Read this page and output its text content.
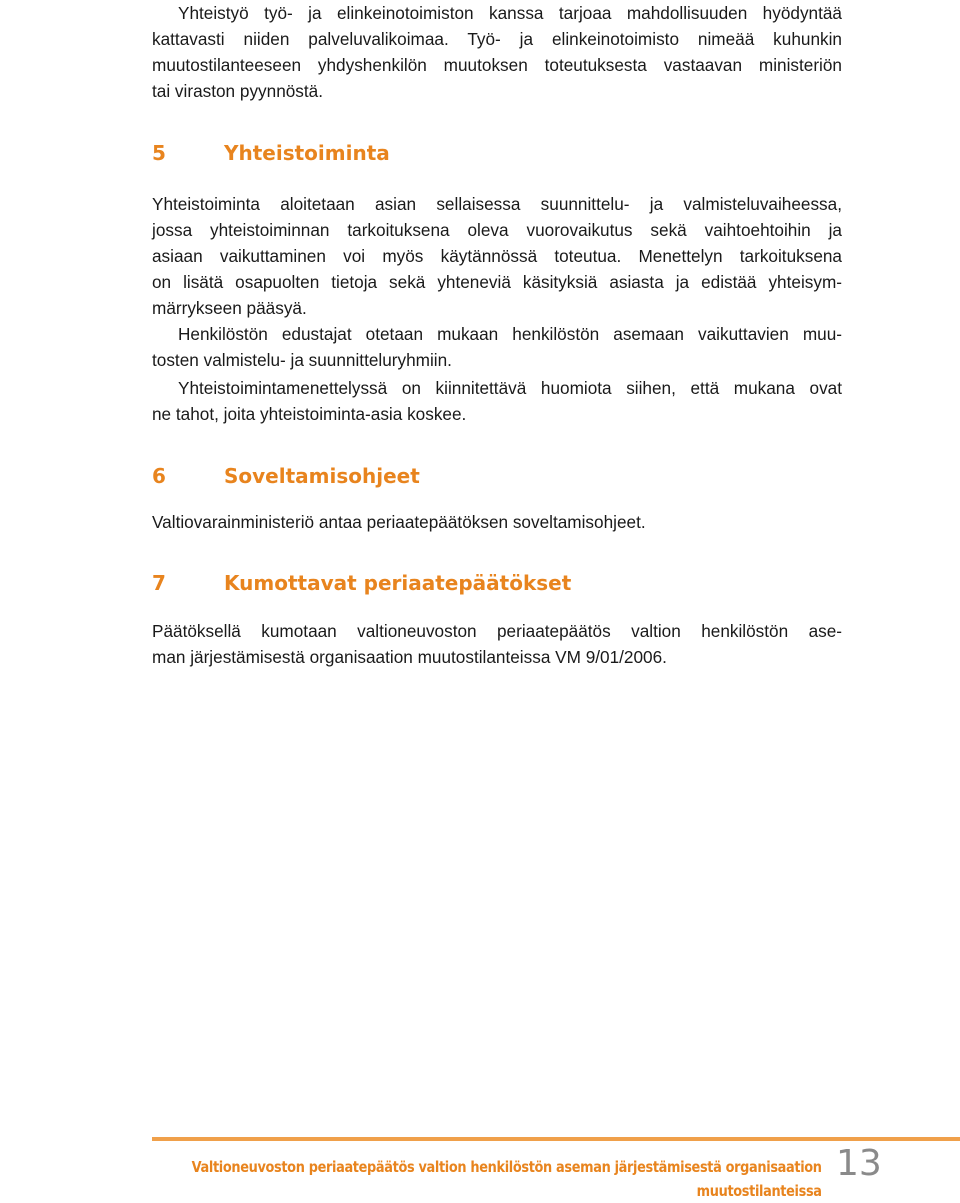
Yhteistyö työ- ja elinkeinotoimiston kanssa tarjoaa mahdollisuuden hyödyntää
kattavasti niiden palveluvalikoimaa. Työ- ja elinkeinotoimisto nimeää kuhunkin
muutostilanteeseen yhdyshenkilön muutoksen toteutuksesta vastaavan ministeriön
tai viraston pyynnöstä.

5	Yhteistoiminta

Yhteistoiminta aloitetaan asian sellaisessa suunnittelu- ja valmisteluvaiheessa,
jossa yhteistoiminnan tarkoituksena oleva vuorovaikutus sekä vaihtoehtoihin ja
asiaan vaikuttaminen voi myös käytännössä toteutua. Menettelyn tarkoituksena
on lisätä osapuolten tietoja sekä yhteneviä käsityksiä asiasta ja edistää yhteisym-
märrykseen pääsyä.

Henkilöstön edustajat otetaan mukaan henkilöstön asemaan vaikuttavien muu-
tosten valmistelu- ja suunnitteluryhmiin.

Yhteistoimintamenettelyssä on kiinnitettävä huomiota siihen, että mukana ovat
ne tahot, joita yhteistoiminta-asia koskee.

6	Soveltamisohjeet

Valtiovarainministeriö antaa periaatepäätöksen soveltamisohjeet.

7	Kumottavat periaatepäätökset

Päätöksellä kumotaan valtioneuvoston periaatepäätös valtion henkilöstön ase-
man järjestämisestä organisaation muutostilanteissa VM 9/01/2006.

Valtioneuvoston periaatepäätös valtion henkilöstön aseman järjestämisestä organisaation
muutostilanteissa
13
